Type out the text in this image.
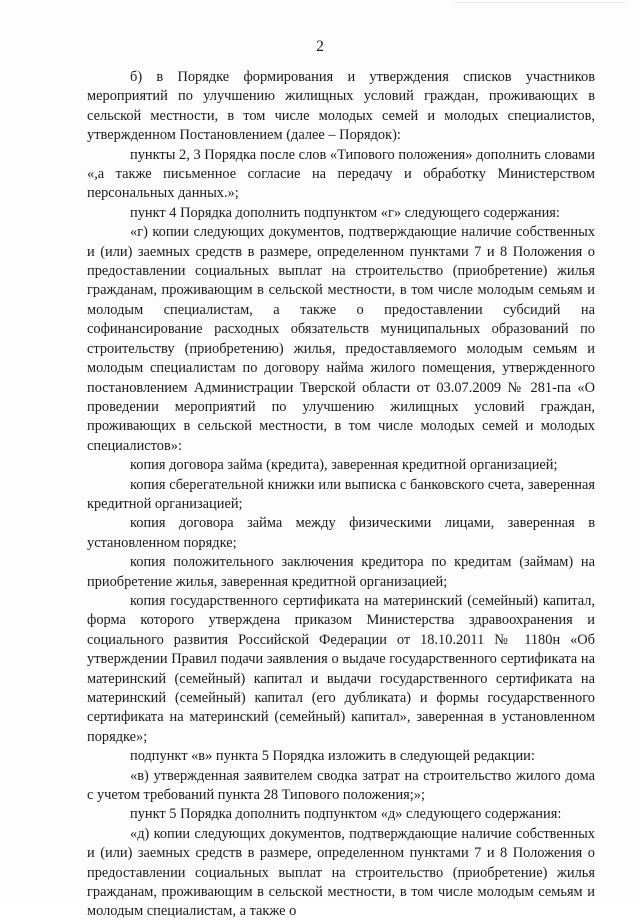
2

б) в Порядке формирования и утверждения списков участников мероприятий по улучшению жилищных условий граждан, проживающих в сельской местности, в том числе молодых семей и молодых специалистов, утвержденном Постановлением (далее – Порядок):

пункты 2, 3 Порядка после слов «Типового положения» дополнить словами «,а также письменное согласие на передачу и обработку Министерством персональных данных.»;

пункт 4 Порядка дополнить подпунктом «г» следующего содержания:

«г) копии следующих документов, подтверждающие наличие собственных и (или) заемных средств в размере, определенном пунктами 7 и 8 Положения о предоставлении социальных выплат на строительство (приобретение) жилья гражданам, проживающим в сельской местности, в том числе молодым семьям и молодым специалистам, а также о предоставлении субсидий на софинансирование расходных обязательств муниципальных образований по строительству (приобретению) жилья, предоставляемого молодым семьям и молодым специалистам по договору найма жилого помещения, утвержденного постановлением Администрации Тверской области от 03.07.2009 № 281-па «О проведении мероприятий по улучшению жилищных условий граждан, проживающих в сельской местности, в том числе молодых семей и молодых специалистов»:

копия договора займа (кредита), заверенная кредитной организацией;

копия сберегательной книжки или выписка с банковского счета, заверенная кредитной организацией;

копия договора займа между физическими лицами, заверенная в установленном порядке;

копия положительного заключения кредитора по кредитам (займам) на приобретение жилья, заверенная кредитной организацией;

копия государственного сертификата на материнский (семейный) капитал, форма которого утверждена приказом Министерства здравоохранения и социального развития Российской Федерации от 18.10.2011 № 1180н «Об утверждении Правил подачи заявления о выдаче государственного сертификата на материнский (семейный) капитал и выдачи государственного сертификата на материнский (семейный) капитал (его дубликата) и формы государственного сертификата на материнский (семейный) капитал», заверенная в установленном порядке»;

подпункт «в» пункта 5 Порядка изложить в следующей редакции:

«в) утвержденная заявителем сводка затрат на строительство жилого дома с учетом требований пункта 28 Типового положения;»;

пункт 5 Порядка дополнить подпунктом «д» следующего содержания:

«д) копии следующих документов, подтверждающие наличие собственных и (или) заемных средств в размере, определенном пунктами 7 и 8 Положения о предоставлении социальных выплат на строительство (приобретение) жилья гражданам, проживающим в сельской местности, в том числе молодым семьям и молодым специалистам, а также о
